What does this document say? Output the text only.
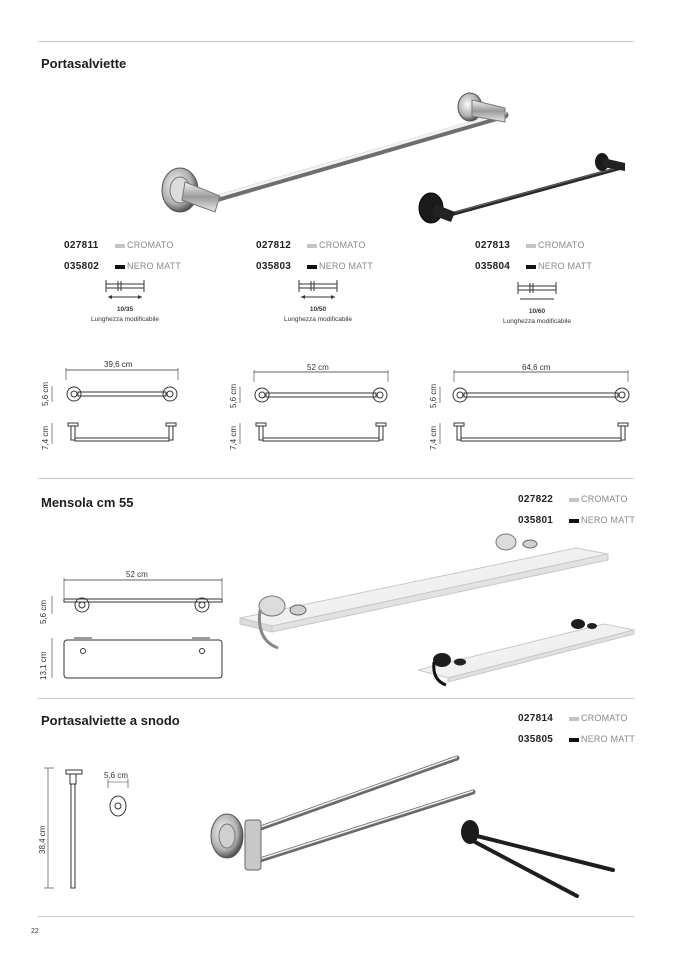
Portasalviette
027811	CROMATO
035802	NERO MATT
027812	CROMATO
035803	NERO MATT
027813	CROMATO
035804	NERO MATT
10/35
Lunghezza modificabile
10/50
Lunghezza modificabile
10/60
Lunghezza modificabile
39,6 cm
5,6 cm
7,4 cm
52 cm
5,6 cm
7,4 cm
64,6 cm
5,6 cm
7,4 cm
Mensola cm 55	027822	CROMATO
035801	NERO MATT
52 cm
5,6 cm
13,1 cm
Portasalviette a snodo	027814	CROMATO
035805	NERO MATT
5,6 cm
38,4 cm
22
